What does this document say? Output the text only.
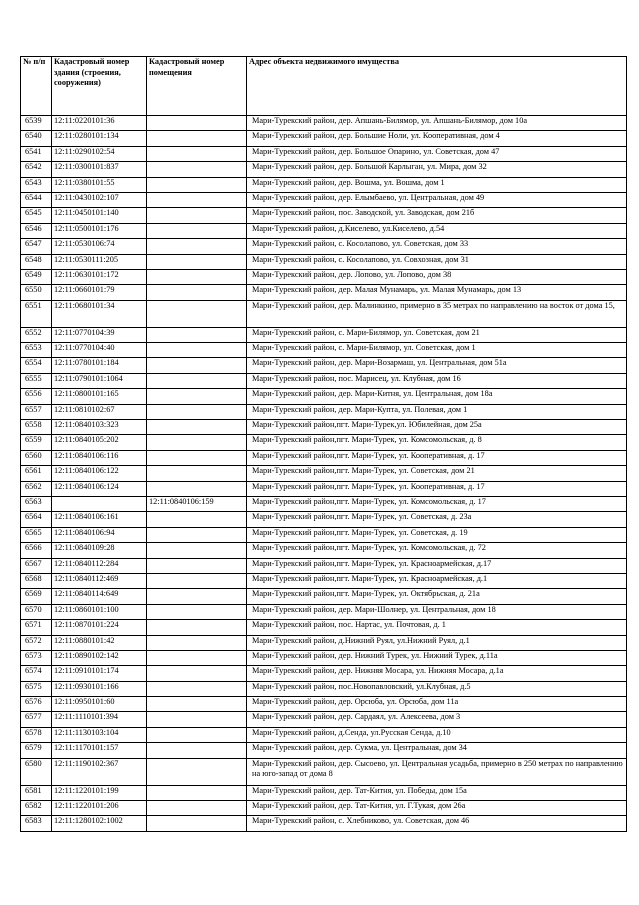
№ п/п	Кадастровый номер здания (строения, сооружения)	Кадастровый номер помещения	Адрес объекта недвижимого имущества
6539	12:11:0220101:36		Мари-Турекский район, дер. Апшань-Билямор, ул. Апшань-Билямор, дом 10а
6540	12:11:0280101:134		Мари-Турекский район, дер. Большие Ноли, ул. Кооперативная, дом 4
6541	12:11:0290102:54		Мари-Турекский район, дер. Большое Опарино, ул. Советская, дом 47
6542	12:11:0300101:837		Мари-Турекский район, дер. Большой Карлыган, ул. Мира, дом 32
6543	12:11:0380101:55		Мари-Турекский район, дер. Вошма, ул. Вошма, дом 1
6544	12:11:0430102:107		Мари-Турекский район, дер. Елымбаево, ул. Центральная, дом 49
6545	12:11:0450101:140		Мари-Турекский район, пос. Заводской, ул. Заводская, дом 21б
6546	12:11:0500101:176		Мари-Турекский район, д.Киселево, ул.Киселево, д.54
6547	12:11:0530106:74		Мари-Турекский район, с. Косолапово, ул. Советская, дом 33
6548	12:11:0530111:205		Мари-Турекский район, с. Косолапово, ул. Совхозная, дом 31
6549	12:11:0630101:172		Мари-Турекский район, дер. Лопово, ул. Лопово, дом 38
6550	12:11:0660101:79		Мари-Турекский район, дер. Малая Мунамарь, ул. Малая Мунамарь, дом 13
6551	12:11:0680101:34		Мари-Турекский район, дер. Малинкино, примерно в 35 метрах по направлению на восток от дома 15,
6552	12:11:0770104:39		Мари-Турекский район, с. Мари-Билямор, ул. Советская, дом 21
6553	12:11:0770104:40		Мари-Турекский район, с. Мари-Билямор, ул. Советская, дом 1
6554	12:11:0780101:184		Мари-Турекский район, дер. Мари-Возармаш, ул. Центральная, дом 51а
6555	12:11:0790101:1064		Мари-Турекский район, пос. Марисец, ул. Клубная, дом 16
6556	12:11:0800101:165		Мари-Турекский район, дер. Мари-Китня, ул. Центральная, дом 18а
6557	12:11:0810102:67		Мари-Турекский район, дер. Мари-Купта, ул. Полевая, дом 1
6558	12:11:0840103:323		Мари-Турекский район,пгт. Мари-Турек,ул. Юбилейная, дом 25а
6559	12:11:0840105:202		Мари-Турекский район,пгт. Мари-Турек, ул. Комсомольская, д. 8
6560	12:11:0840106:116		Мари-Турекский район,пгт. Мари-Турек, ул. Кооперативная, д. 17
6561	12:11:0840106:122		Мари-Турекский район,пгт. Мари-Турек, ул. Советская, дом 21
6562	12:11:0840106:124		Мари-Турекский район,пгт. Мари-Турек, ул. Кооперативная, д. 17
6563		12:11:0840106:159	Мари-Турекский район,пгт. Мари-Турек, ул. Комсомольская, д. 17
6564	12:11:0840106:161		Мари-Турекский район,пгт. Мари-Турек, ул. Советская, д. 23а
6565	12:11:0840106:94		Мари-Турекский район,пгт. Мари-Турек, ул. Советская, д. 19
6566	12:11:0840109:28		Мари-Турекский район,пгт. Мари-Турек, ул. Комсомольская, д. 72
6567	12:11:0840112:284		Мари-Турекский район,пгт. Мари-Турек, ул. Красноармейская, д.17
6568	12:11:0840112:469		Мари-Турекский район,пгт. Мари-Турек, ул. Красноармейская, д.1
6569	12:11:0840114:649		Мари-Турекский район,пгт. Мари-Турек, ул. Октябрьская, д. 21а
6570	12:11:0860101:100		Мари-Турекский район, дер. Мари-Шолнер, ул. Центральная, дом 18
6571	12:11:0870101:224		Мари-Турекский район, пос. Нартас, ул. Почтовая, д. 1
6572	12:11:0880101:42		Мари-Турекский район, д.Нижний Руял, ул.Нижний Руял, д.1
6573	12:11:0890102:142		Мари-Турекский район, дер. Нижний Турек, ул. Нижний Турек, д.11а
6574	12:11:0910101:174		Мари-Турекский район, дер. Нижняя Мосара, ул. Нижняя Мосара, д.1а
6575	12:11:0930101:166		Мари-Турекский район, пос.Новопавловский, ул.Клубная, д.5
6576	12:11:0950101:60		Мари-Турекский район, дер. Орсюба, ул. Орсюба, дом 11а
6577	12:11:1110101:394		Мари-Турекский район, дер. Сардаял, ул. Алексеева, дом 3
6578	12:11:1130103:104		Мари-Турекский район, д.Сенда, ул.Русская Сенда, д.10
6579	12:11:1170101:157		Мари-Турекский район, дер. Сукма, ул. Центральная, дом 34
6580	12:11:1190102:367		Мари-Турекский район, дер. Сысоево, ул. Центральная усадьба, примерно в 250 метрах по направлению на юго-запад от дома 8
6581	12:11:1220101:199		Мари-Турекский район, дер. Тат-Китня, ул. Победы, дом 15а
6582	12:11:1220101:206		Мари-Турекский район, дер. Тат-Китня, ул. Г.Тукая, дом 26а
6583	12:11:1280102:1002		Мари-Турекский район, с. Хлебниково, ул. Советская, дом 46
